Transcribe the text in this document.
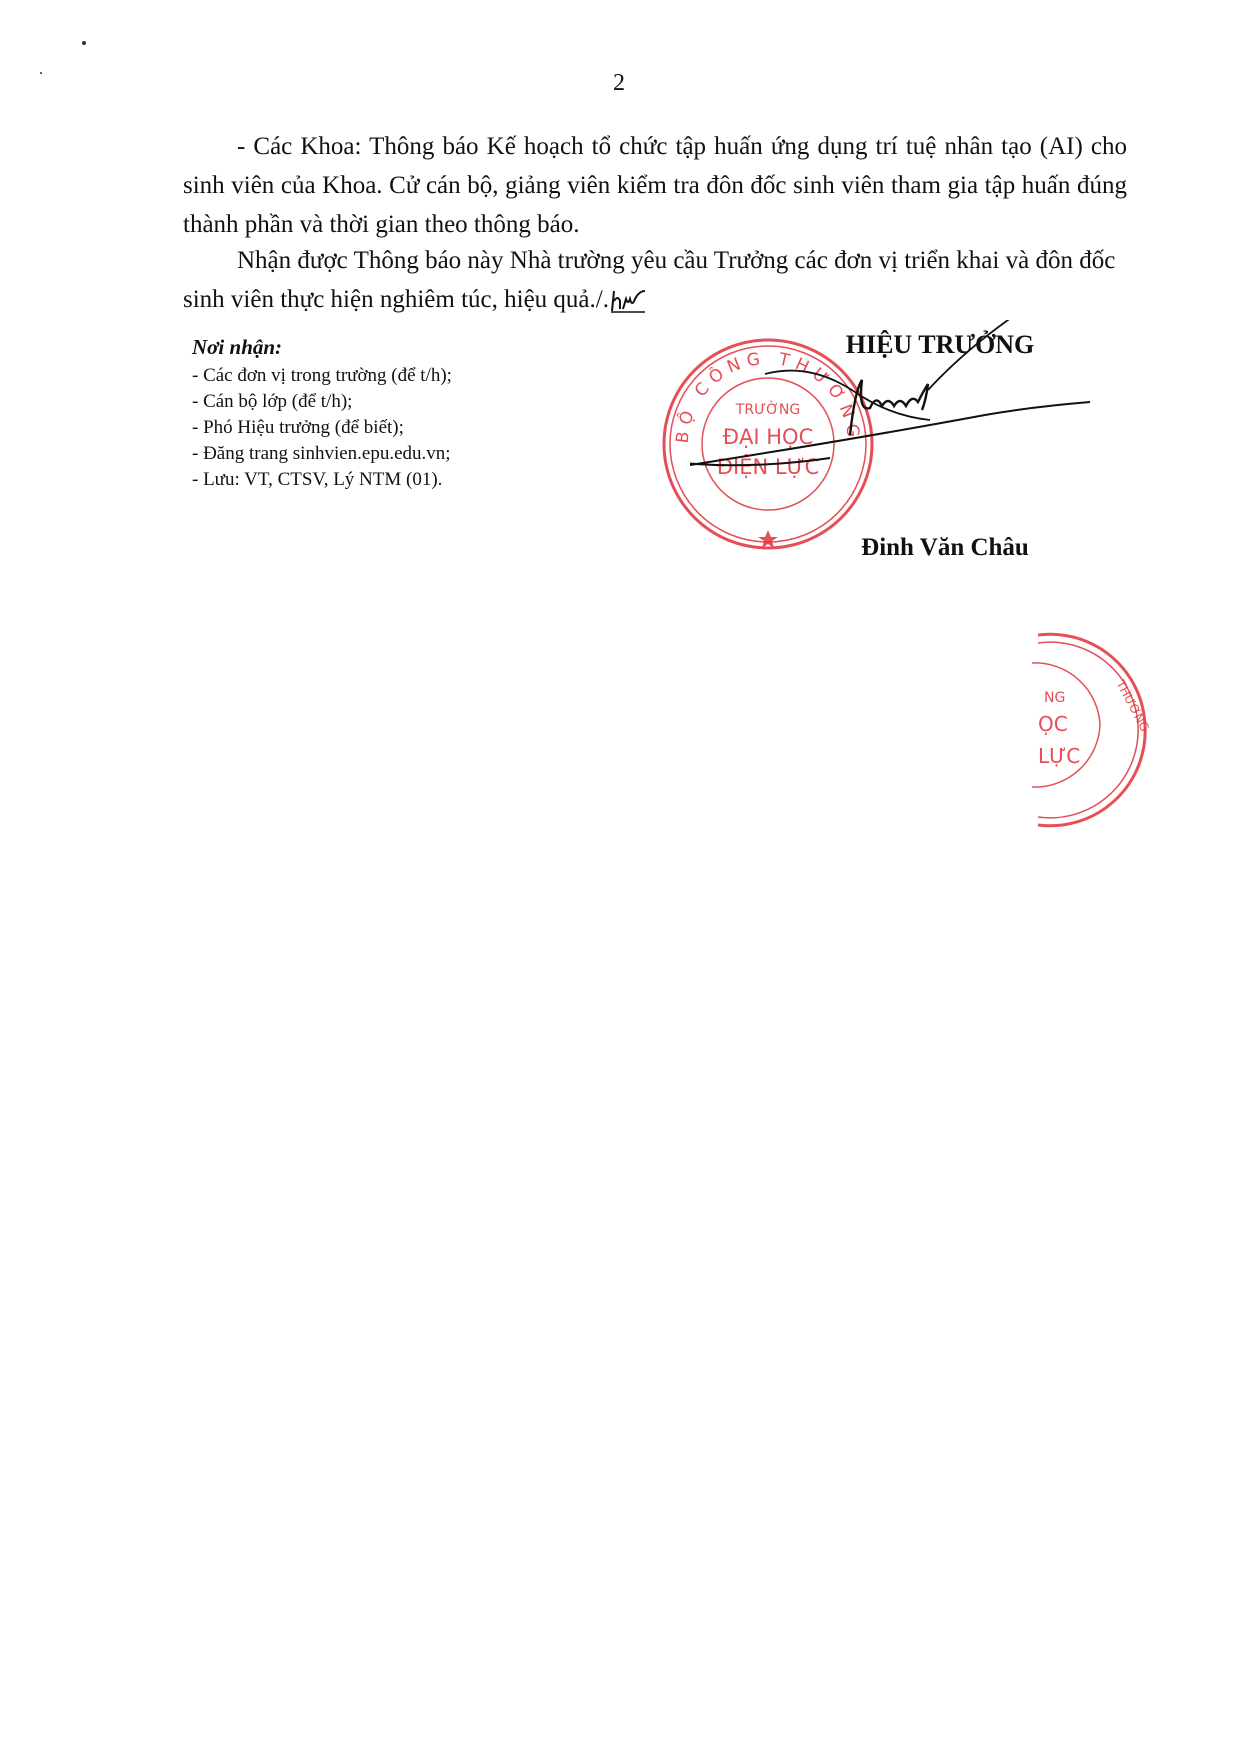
2

- Các Khoa: Thông báo Kế hoạch tổ chức tập huấn ứng dụng trí tuệ nhân tạo (AI) cho sinh viên của Khoa. Cử cán bộ, giảng viên kiểm tra đôn đốc sinh viên tham gia tập huấn đúng thành phần và thời gian theo thông báo.

Nhận được Thông báo này Nhà trường yêu cầu Trưởng các đơn vị triển khai và đôn đốc sinh viên thực hiện nghiêm túc, hiệu quả./.

Nơi nhận:
- Các đơn vị trong trường (để t/h);
- Cán bộ lớp (để t/h);
- Phó Hiệu trưởng (để biết);
- Đăng trang sinhvien.epu.edu.vn;
- Lưu: VT, CTSV, Lý NTM (01).
HIỆU TRƯỞNG
BỘ CÔNG THƯƠNG
TRƯỜNG
ĐẠI HỌC
ĐIỆN LỰC
Đinh Văn Châu
NG
ỌC
LỰC
THƯƠNG
